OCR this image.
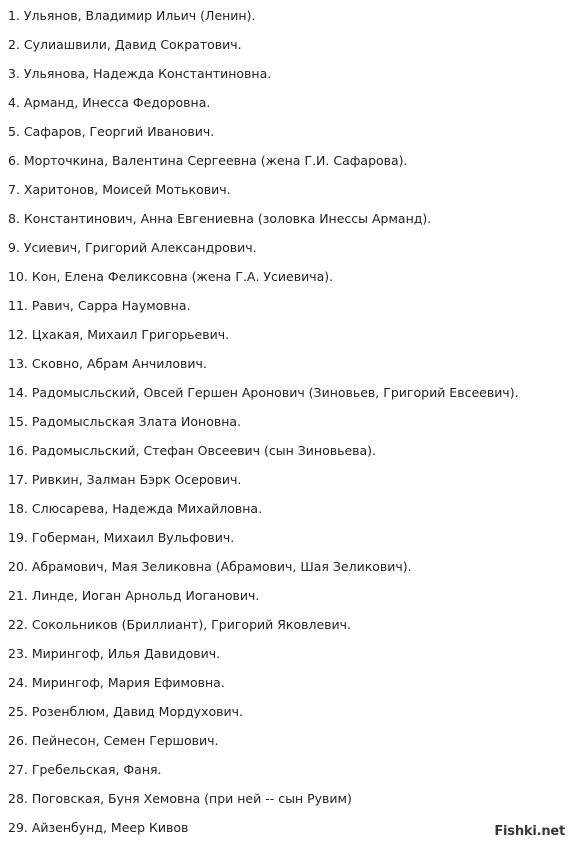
1. Ульянов, Владимир Ильич (Ленин).
2. Сулиашвили, Давид Сократович.
3. Ульянова, Надежда Константиновна.
4. Арманд, Инесса Федоровна.
5. Сафаров, Георгий Иванович.
6. Морточкина, Валентина Сергеевна (жена Г.И. Сафарова).
7. Харитонов, Моисей Мотькович.
8. Константинович, Анна Евгениевна (золовка Инессы Арманд).
9. Усиевич, Григорий Александрович.
10. Кон, Елена Феликсовна (жена Г.А. Усиевича).
11. Равич, Сарра Наумовна.
12. Цхакая, Михаил Григорьевич.
13. Сковно, Абрам Анчилович.
14. Радомысльский, Овсей Гершен Аронович (Зиновьев, Григорий Евсеевич).
15. Радомысльская Злата Ионовна.
16. Радомысльский, Стефан Овсеевич (сын Зиновьева).
17. Ривкин, Залман Бэрк Осерович.
18. Слюсарева, Надежда Михайловна.
19. Гоберман, Михаил Вульфович.
20. Абрамович, Мая Зеликовна (Абрамович, Шая Зеликович).
21. Линде, Иоган Арнольд Иоганович.
22. Сокольников (Бриллиант), Григорий Яковлевич.
23. Мирингоф, Илья Давидович.
24. Мирингоф, Мария Ефимовна.
25. Розенблюм, Давид Мордухович.
26. Пейнесон, Семен Гершович.
27. Гребельская, Фаня.
28. Поговская, Буня Хемовна (при ней -- сын Рувим)
29. Айзенбунд, Меер Кивов	Fishki.net
